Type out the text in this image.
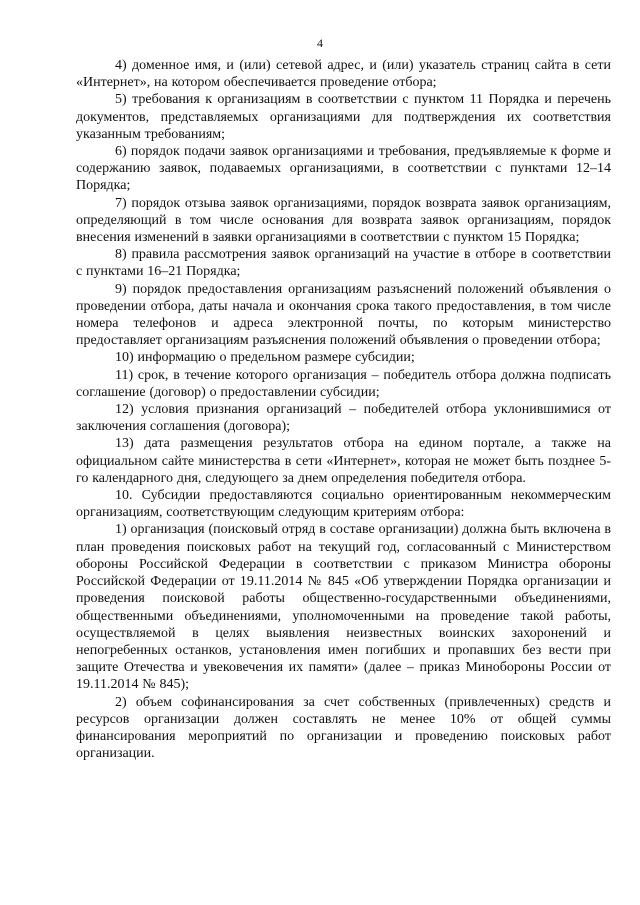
4

4) доменное имя, и (или) сетевой адрес, и (или) указатель страниц сайта в сети «Интернет», на котором обеспечивается проведение отбора;

5) требования к организациям в соответствии с пунктом 11 Порядка и перечень документов, представляемых организациями для подтверждения их соответствия указанным требованиям;

6) порядок подачи заявок организациями и требования, предъявляемые к форме и содержанию заявок, подаваемых организациями, в соответствии с пунктами 12–14 Порядка;

7) порядок отзыва заявок организациями, порядок возврата заявок организациям, определяющий в том числе основания для возврата заявок организациям, порядок внесения изменений в заявки организациями в соответствии с пунктом 15 Порядка;

8) правила рассмотрения заявок организаций на участие в отборе в соответствии с пунктами 16–21 Порядка;

9) порядок предоставления организациям разъяснений положений объявления о проведении отбора, даты начала и окончания срока такого предоставления, в том числе номера телефонов и адреса электронной почты, по которым министерство предоставляет организациям разъяснения положений объявления о проведении отбора;

10) информацию о предельном размере субсидии;

11) срок, в течение которого организация – победитель отбора должна подписать соглашение (договор) о предоставлении субсидии;

12) условия признания организаций – победителей отбора уклонившимися от заключения соглашения (договора);

13) дата размещения результатов отбора на едином портале, а также на официальном сайте министерства в сети «Интернет», которая не может быть позднее 5-го календарного дня, следующего за днем определения победителя отбора.

10. Субсидии предоставляются социально ориентированным некоммерческим организациям, соответствующим следующим критериям отбора:

1) организация (поисковый отряд в составе организации) должна быть включена в план проведения поисковых работ на текущий год, согласованный с Министерством обороны Российской Федерации в соответствии с приказом Министра обороны Российской Федерации от 19.11.2014 № 845 «Об утверждении Порядка организации и проведения поисковой работы общественно-государственными объединениями, общественными объединениями, уполномоченными на проведение такой работы, осуществляемой в целях выявления неизвестных воинских захоронений и непогребенных останков, установления имен погибших и пропавших без вести при защите Отечества и увековечения их памяти» (далее – приказ Минобороны России от 19.11.2014 № 845);

2) объем софинансирования за счет собственных (привлеченных) средств и ресурсов организации должен составлять не менее 10% от общей суммы финансирования мероприятий по организации и проведению поисковых работ организации.
